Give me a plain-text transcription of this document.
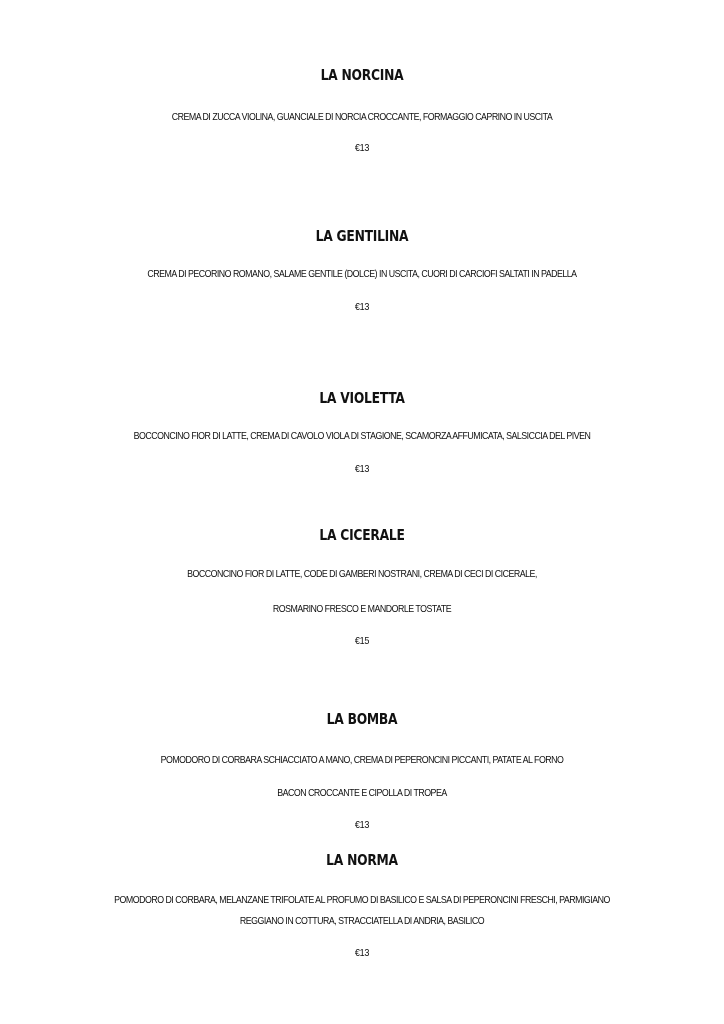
LA NORCINA
CREMA DI ZUCCA VIOLINA, GUANCIALE DI NORCIA CROCCANTE, FORMAGGIO CAPRINO IN USCITA
€13
LA GENTILINA
CREMA DI PECORINO ROMANO, SALAME GENTILE (DOLCE) IN USCITA, CUORI DI CARCIOFI SALTATI IN PADELLA
€13
LA VIOLETTA
BOCCONCINO FIOR DI LATTE, CREMA DI CAVOLO VIOLA DI STAGIONE, SCAMORZA AFFUMICATA, SALSICCIA DEL PIVEN
€13
LA CICERALE
BOCCONCINO FIOR DI LATTE, CODE DI GAMBERI NOSTRANI, CREMA DI CECI DI CICERALE,
ROSMARINO FRESCO E MANDORLE TOSTATE
€15
LA BOMBA
POMODORO DI CORBARA SCHIACCIATO A MANO, CREMA DI PEPERONCINI PICCANTI, PATATE AL FORNO
BACON CROCCANTE E CIPOLLA DI TROPEA
€13
LA NORMA
POMODORO DI CORBARA, MELANZANE TRIFOLATE AL PROFUMO DI BASILICO E SALSA DI PEPERONCINI FRESCHI, PARMIGIANO
REGGIANO IN COTTURA, STRACCIATELLA DI ANDRIA, BASILICO
€13
